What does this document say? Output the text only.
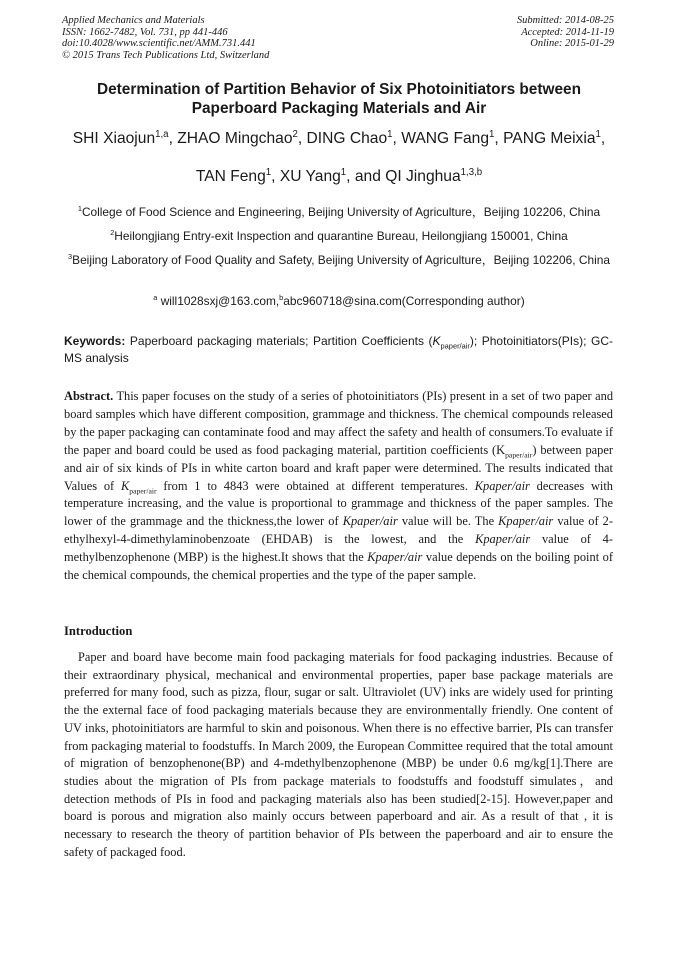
Applied Mechanics and Materials
ISSN: 1662-7482, Vol. 731, pp 441-446
doi:10.4028/www.scientific.net/AMM.731.441
© 2015 Trans Tech Publications Ltd, Switzerland
Submitted: 2014-08-25
Accepted: 2014-11-19
Online: 2015-01-29
Determination of Partition Behavior of Six Photoinitiators between Paperboard Packaging Materials and Air
SHI Xiaojun$^{1,a}$, ZHAO Mingchao$^2$, DING Chao$^1$, WANG Fang$^1$, PANG Meixia$^1$,
TAN Feng$^1$, XU Yang$^1$, and QI Jinghua$^{1,3,b}$
$^1$College of Food Science and Engineering, Beijing University of Agriculture，Beijing 102206, China
$^2$Heilongjiang Entry-exit Inspection and quarantine Bureau, Heilongjiang 150001, China
$^3$Beijing Laboratory of Food Quality and Safety, Beijing University of Agriculture，Beijing 102206, China
$^a$ will1028sxj@163.com,$^b$abc960718@sina.com(Corresponding author)
Keywords: Paperboard packaging materials; Partition Coefficients $(K_{paper/air})$; Photoinitiators(PIs); GC-MS analysis
Abstract. This paper focuses on the study of a series of photoinitiators (PIs) present in a set of two paper and board samples which have different composition, grammage and thickness. The chemical compounds released by the paper packaging can contaminate food and may affect the safety and health of consumers.To evaluate if the paper and board could be used as food packaging material, partition coefficients $(K_{paper/air})$ between paper and air of six kinds of PIs in white carton board and kraft paper were determined. The results indicated that Values of $K_{paper/air}$ from 1 to 4843 were obtained at different temperatures. Kpaper/air decreases with temperature increasing, and the value is proportional to grammage and thickness of the paper samples. The lower of the grammage and the thickness,the lower of Kpaper/air value will be. The Kpaper/air value of 2-ethylhexyl-4-dimethylaminobenzoate (EHDAB) is the lowest, and the Kpaper/air value of 4-methylbenzophenone (MBP) is the highest.It shows that the Kpaper/air value depends on the boiling point of the chemical compounds, the chemical properties and the type of the paper sample.
Introduction
Paper and board have become main food packaging materials for food packaging industries. Because of their extraordinary physical, mechanical and environmental properties, paper base package materials are preferred for many food, such as pizza, flour, sugar or salt. Ultraviolet (UV) inks are widely used for printing the the external face of food packaging materials because they are environmentally friendly. One content of UV inks, photoinitiators are harmful to skin and poisonous. When there is no effective barrier, PIs can transfer from packaging material to foodstuffs. In March 2009, the European Committee required that the total amount of migration of benzophenone(BP) and 4-mdethylbenzophenone (MBP) be under 0.6 mg/kg[1].There are studies about the migration of PIs from package materials to foodstuffs and foodstuff simulates，and detection methods of PIs in food and packaging materials also has been studied[2-15]. However,paper and board is porous and migration also mainly occurs between paperboard and air. As a result of that , it is necessary to research the theory of partition behavior of PIs between the paperboard and air to ensure the safety of packaged food.
